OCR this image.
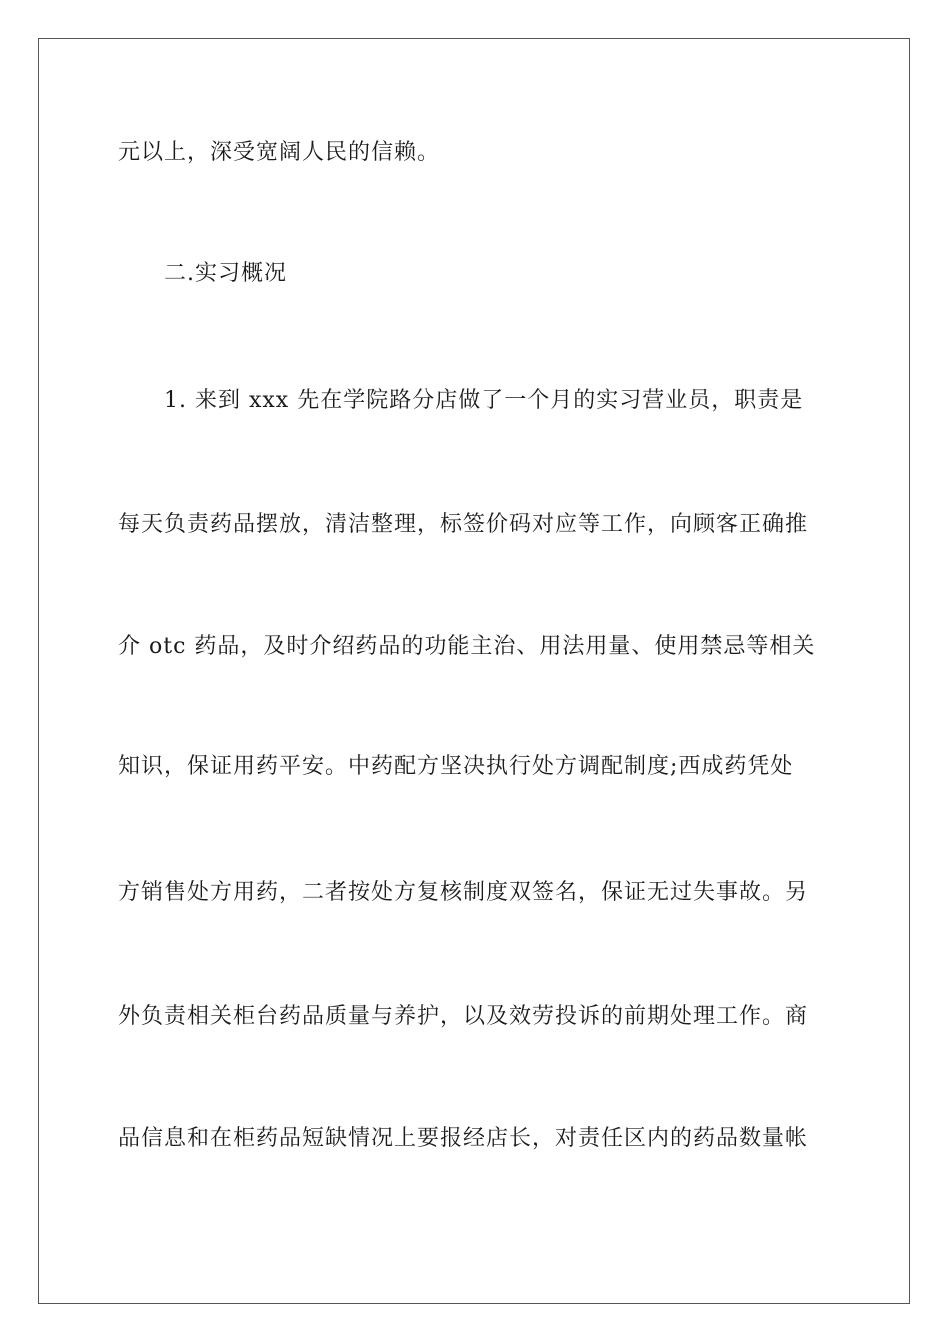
元以上，深受宽阔人民的信赖。
二.实习概况
1. 来到 xxx 先在学院路分店做了一个月的实习营业员，职责是
每天负责药品摆放，清洁整理，标签价码对应等工作，向顾客正确推
介 otc 药品，及时介绍药品的功能主治、用法用量、使用禁忌等相关
知识，保证用药平安。中药配方坚决执行处方调配制度;西成药凭处
方销售处方用药，二者按处方复核制度双签名，保证无过失事故。另
外负责相关柜台药品质量与养护，以及效劳投诉的前期处理工作。商
品信息和在柜药品短缺情况上要报经店长，对责任区内的药品数量帐
